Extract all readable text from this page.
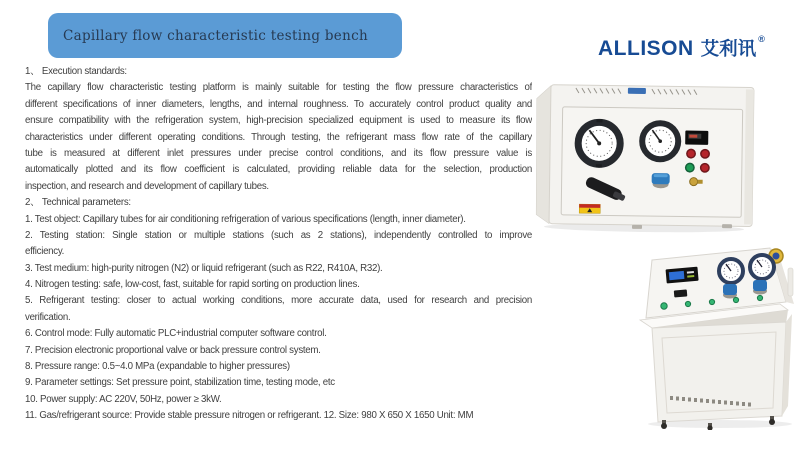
Capillary flow characteristic testing bench
ALLISON 艾利讯 ®
1、 Execution standards:
The capillary flow characteristic testing platform is mainly suitable for testing the flow pressure characteristics of
different specifications of inner diameters, lengths, and internal roughness. To accurately control product quality and
ensure compatibility with the refrigeration system, high-precision specialized equipment is used to measure its flow
characteristics under different operating conditions. Through testing, the refrigerant mass flow rate of the capillary
tube is measured at different inlet pressures under precise control conditions, and its flow pressure value is
automatically plotted and its flow coefficient is calculated, providing reliable data for the selection, production
inspection, and research and development of capillary tubes.
2、 Technical parameters:
1. Test object: Capillary tubes for air conditioning refrigeration of various specifications (length, inner diameter).
2. Testing station: Single station or multiple stations (such as 2 stations), independently controlled to improve
efficiency.
3. Test medium: high-purity nitrogen (N2) or liquid refrigerant (such as R22, R410A, R32).
4. Nitrogen testing: safe, low-cost, fast, suitable for rapid sorting on production lines.
5. Refrigerant testing: closer to actual working conditions, more accurate data, used for research and precision
verification.
6. Control mode: Fully automatic PLC+industrial computer software control.
7. Precision electronic proportional valve or back pressure control system.
8. Pressure range: 0.5~4.0 MPa (expandable to higher pressures)
9. Parameter settings: Set pressure point, stabilization time, testing mode, etc
10. Power supply: AC 220V, 50Hz, power ≥ 3kW.
11. Gas/refrigerant source: Provide stable pressure nitrogen or refrigerant. 12. Size: 980 X 650 X 1650 Unit: MM
